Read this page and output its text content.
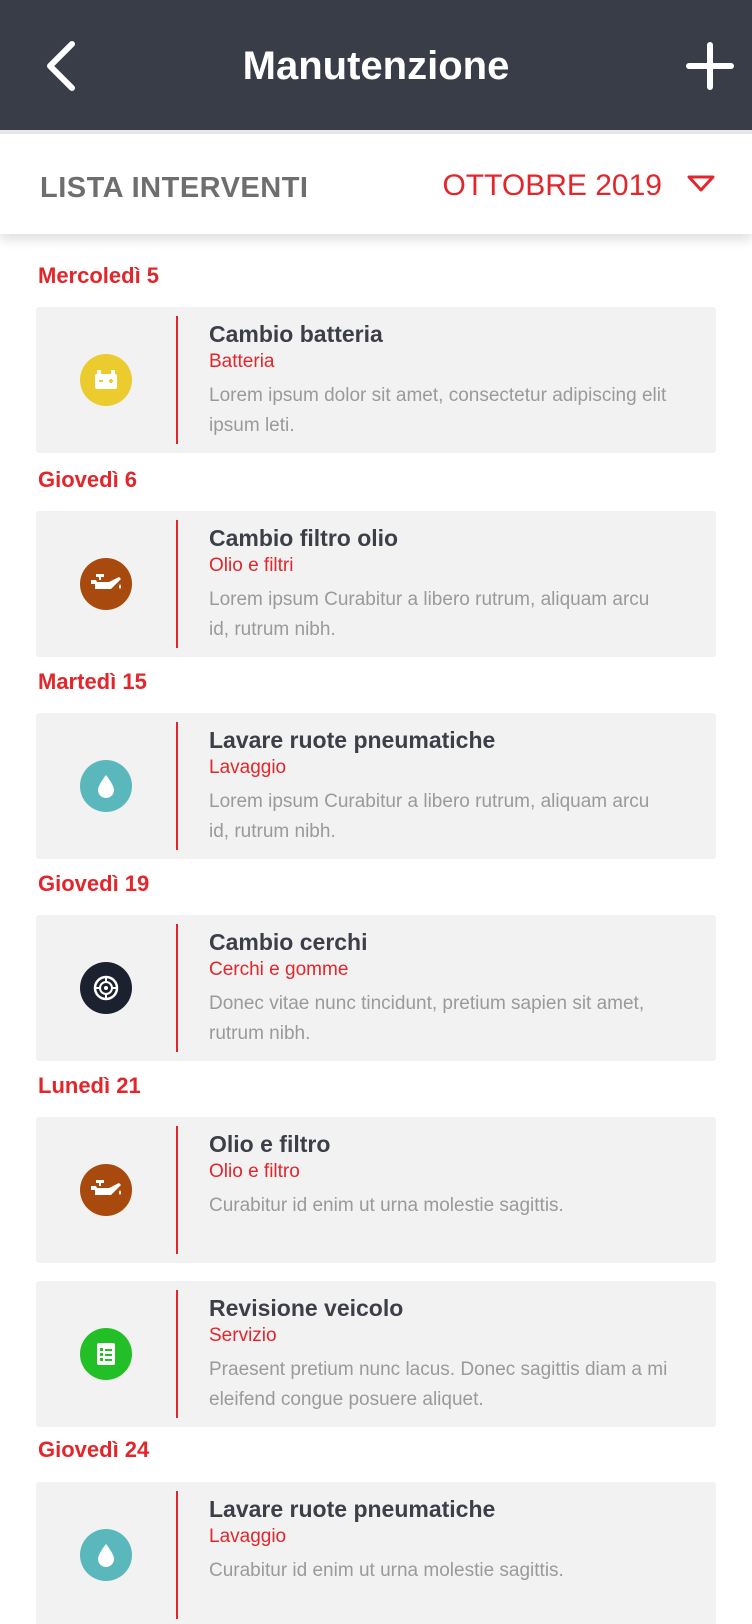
Manutenzione
LISTA INTERVENTI	OTTOBRE 2019
Mercoledì 5
Giovedì 6
Martedì 15
Giovedì 19
Lunedì 21
Giovedì 24
Cambio batteria
Batteria
Lorem ipsum dolor sit amet, consectetur adipiscing elit ipsum leti.
Cambio filtro olio
Olio e filtri
Lorem ipsum Curabitur a libero rutrum, aliquam arcu id, rutrum nibh.
Lavare ruote pneumatiche
Lavaggio
Lorem ipsum Curabitur a libero rutrum, aliquam arcu id, rutrum nibh.
Cambio cerchi
Cerchi e gomme
Donec vitae nunc tincidunt, pretium sapien sit amet, rutrum nibh.
Olio e filtro
Olio e filtro
Curabitur id enim ut urna molestie sagittis.
Revisione veicolo
Servizio
Praesent pretium nunc lacus. Donec sagittis diam a mi eleifend congue posuere aliquet.
Lavare ruote pneumatiche
Lavaggio
Curabitur id enim ut urna molestie sagittis.
